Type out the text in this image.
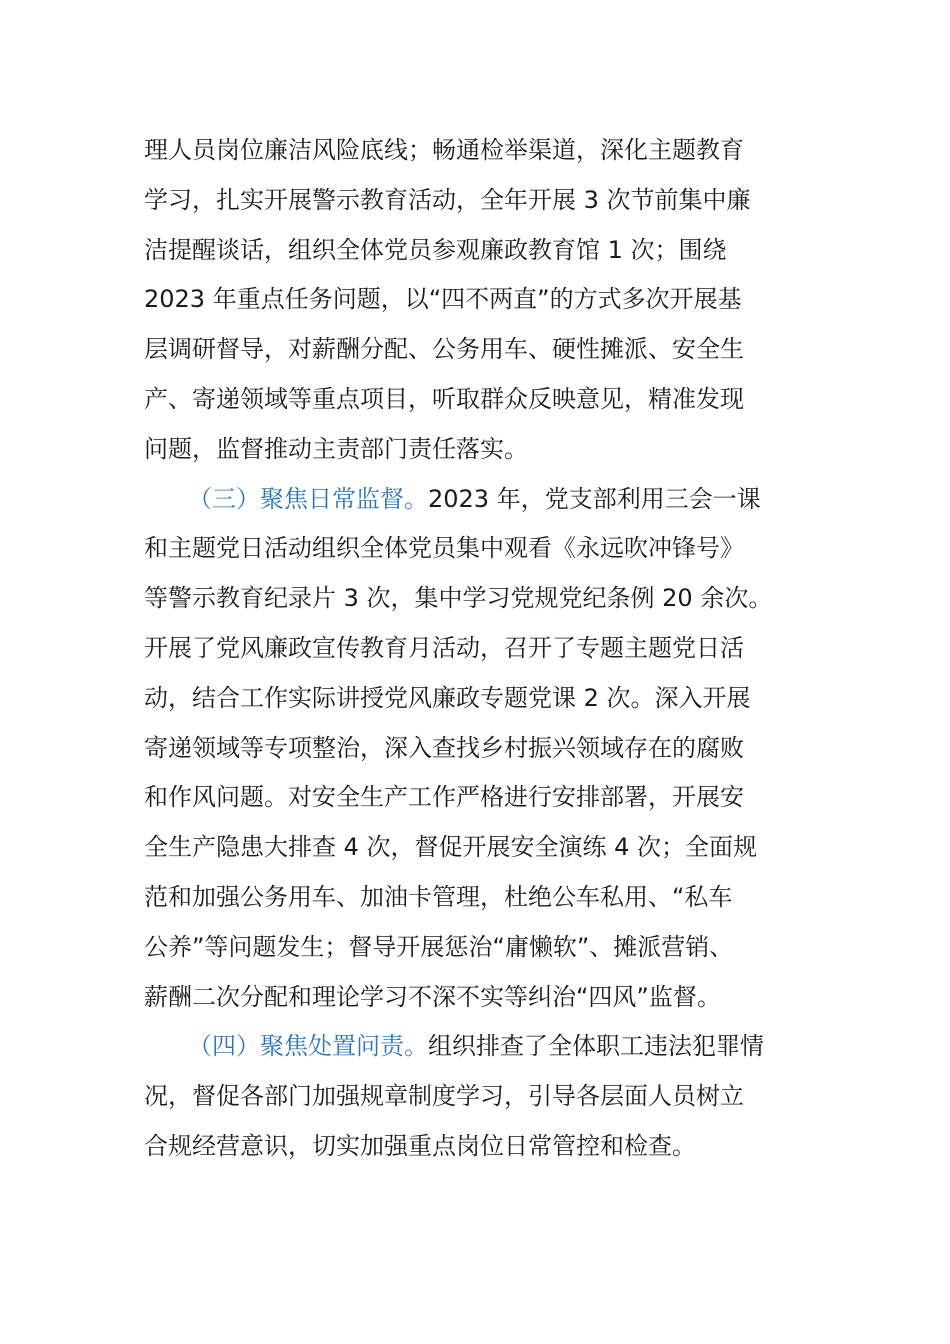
理人员岗位廉洁风险底线；畅通检举渠道，深化主题教育
学习，扎实开展警示教育活动，全年开展 3 次节前集中廉
洁提醒谈话，组织全体党员参观廉政教育馆 1 次；围绕
2023 年重点任务问题，以“四不两直”的方式多次开展基
层调研督导，对薪酬分配、公务用车、硬性摊派、安全生
产、寄递领域等重点项目，听取群众反映意见，精准发现
问题，监督推动主责部门责任落实。
（三）聚焦日常监督。2023 年，党支部利用三会一课
和主题党日活动组织全体党员集中观看《永远吹冲锋号》
等警示教育纪录片 3 次，集中学习党规党纪条例 20 余次。
开展了党风廉政宣传教育月活动，召开了专题主题党日活
动，结合工作实际讲授党风廉政专题党课 2 次。深入开展
寄递领域等专项整治，深入查找乡村振兴领域存在的腐败
和作风问题。对安全生产工作严格进行安排部署，开展安
全生产隐患大排查 4 次，督促开展安全演练 4 次；全面规
范和加强公务用车、加油卡管理，杜绝公车私用、“私车
公养”等问题发生；督导开展惩治“庸懒软”、摊派营销、
薪酬二次分配和理论学习不深不实等纠治“四风”监督。
（四）聚焦处置问责。组织排查了全体职工违法犯罪情
况，督促各部门加强规章制度学习，引导各层面人员树立
合规经营意识，切实加强重点岗位日常管控和检查。
